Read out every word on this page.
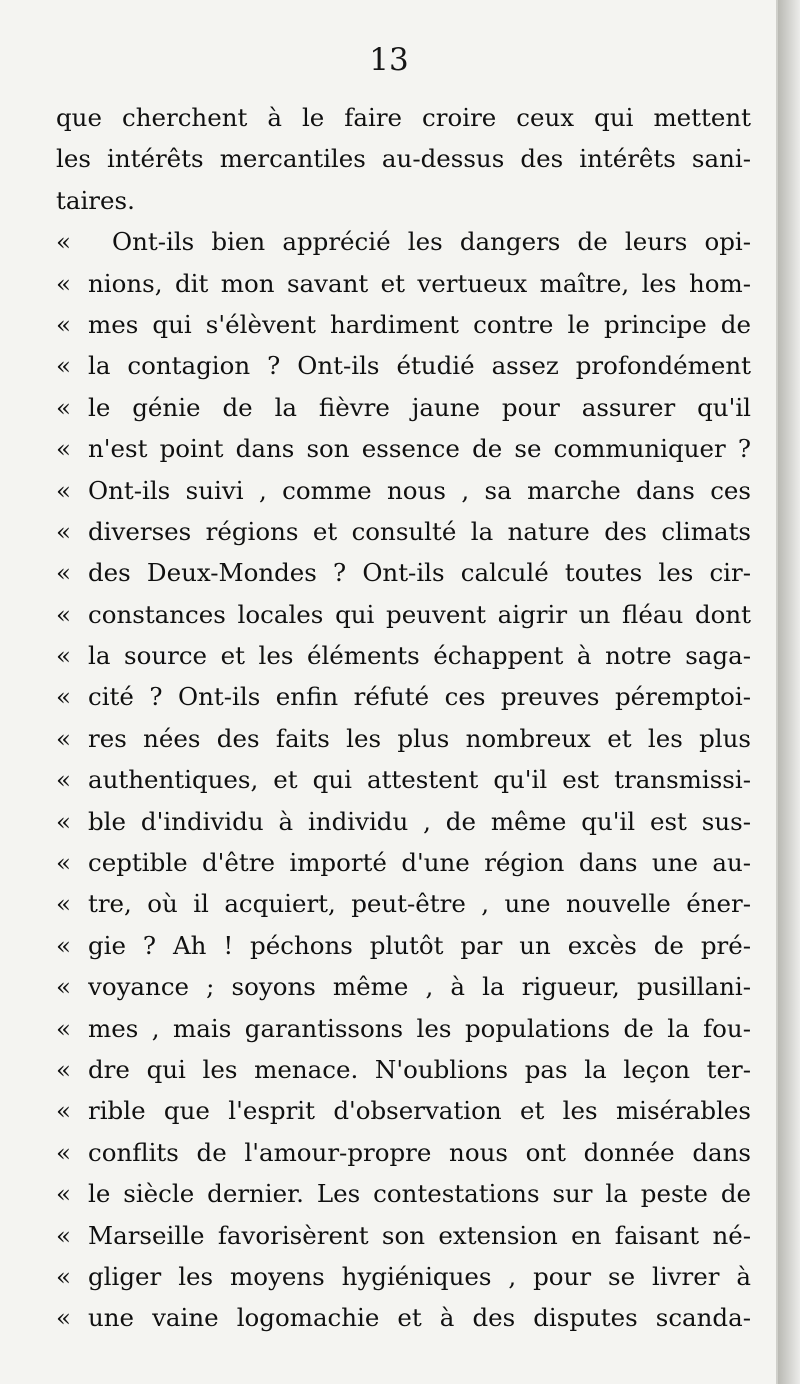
13
que cherchent à le faire croire ceux qui mettent
les intérêts mercantiles au-dessus des intérêts sani-
taires.
«	Ont-ils bien apprécié les dangers de leurs opi-
« nions, dit mon savant et vertueux maître, les hom-
« mes qui s'élèvent hardiment contre le principe de
« la contagion ? Ont-ils étudié assez profondément
« le génie de la fièvre jaune pour assurer qu'il
« n'est point dans son essence de se communiquer ?
« Ont-ils suivi , comme nous , sa marche dans ces
« diverses régions et consulté la nature des climats
« des Deux-Mondes ? Ont-ils calculé toutes les cir-
« constances locales qui peuvent aigrir un fléau dont
« la source et les éléments échappent à notre saga-
« cité ? Ont-ils enfin réfuté ces preuves péremptoi-
« res nées des faits les plus nombreux et les plus
« authentiques, et qui attestent qu'il est transmissi-
« ble d'individu à individu , de même qu'il est sus-
« ceptible d'être importé d'une région dans une au-
« tre, où il acquiert, peut-être , une nouvelle éner-
« gie ? Ah ! péchons plutôt par un excès de pré-
« voyance ; soyons même , à la rigueur, pusillani-
« mes , mais garantissons les populations de la fou-
« dre qui les menace. N'oublions pas la leçon ter-
« rible que l'esprit d'observation et les misérables
« conflits de l'amour-propre nous ont donnée dans
« le siècle dernier. Les contestations sur la peste de
« Marseille favorisèrent son extension en faisant né-
« gliger les moyens hygiéniques , pour se livrer à
« une vaine logomachie et à des disputes scanda-
